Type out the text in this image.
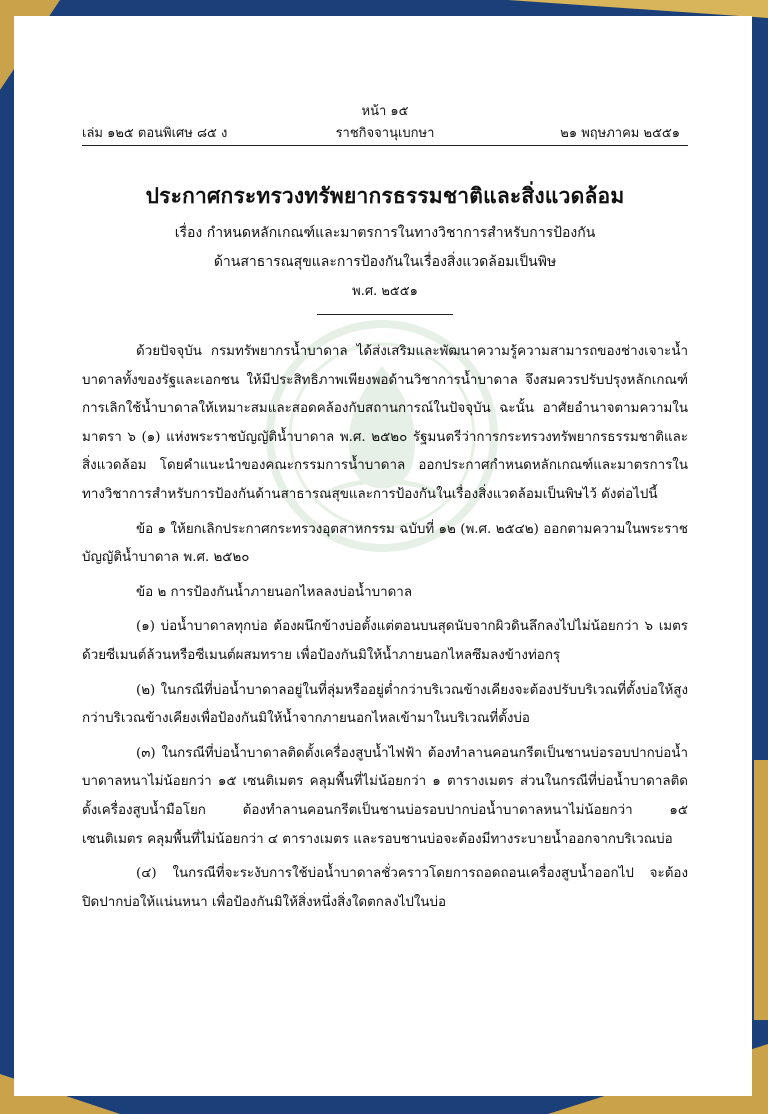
หน้า ๑๕
เล่ม ๑๒๕ ตอนพิเศษ ๘๕ ง	ราชกิจจานุเบกษา	๒๑ พฤษภาคม ๒๕๕๑
ประกาศกระทรวงทรัพยากรธรรมชาติและสิ่งแวดล้อม
เรื่อง กำหนดหลักเกณฑ์และมาตรการในทางวิชาการสำหรับการป้องกัน
ด้านสาธารณสุขและการป้องกันในเรื่องสิ่งแวดล้อมเป็นพิษ
พ.ศ. ๒๕๕๑

ด้วยปัจจุบัน กรมทรัพยากรน้ำบาดาล ได้ส่งเสริมและพัฒนาความรู้ความสามารถของช่างเจาะน้ำบาดาลทั้งของรัฐและเอกชน ให้มีประสิทธิภาพเพียงพอด้านวิชาการน้ำบาดาล จึงสมควรปรับปรุงหลักเกณฑ์การเลิกใช้น้ำบาดาลให้เหมาะสมและสอดคล้องกับสถานการณ์ในปัจจุบัน ฉะนั้น อาศัยอำนาจตามความในมาตรา ๖ (๑) แห่งพระราชบัญญัติน้ำบาดาล พ.ศ. ๒๕๒๐ รัฐมนตรีว่าการกระทรวงทรัพยากรธรรมชาติและสิ่งแวดล้อม โดยคำแนะนำของคณะกรรมการน้ำบาดาล ออกประกาศกำหนดหลักเกณฑ์และมาตรการในทางวิชาการสำหรับการป้องกันด้านสาธารณสุขและการป้องกันในเรื่องสิ่งแวดล้อมเป็นพิษไว้ ดังต่อไปนี้

ข้อ ๑ ให้ยกเลิกประกาศกระทรวงอุตสาหกรรม ฉบับที่ ๑๒ (พ.ศ. ๒๕๔๒) ออกตามความในพระราชบัญญัติน้ำบาดาล พ.ศ. ๒๕๒๐

ข้อ ๒ การป้องกันน้ำภายนอกไหลลงบ่อน้ำบาดาล

(๑) บ่อน้ำบาดาลทุกบ่อ ต้องผนึกข้างบ่อตั้งแต่ตอนบนสุดนับจากผิวดินลึกลงไปไม่น้อยกว่า ๖ เมตร ด้วยซีเมนต์ล้วนหรือซีเมนต์ผสมทราย เพื่อป้องกันมิให้น้ำภายนอกไหลซึมลงข้างท่อกรุ

(๒) ในกรณีที่บ่อน้ำบาดาลอยู่ในที่ลุ่มหรืออยู่ต่ำกว่าบริเวณข้างเคียงจะต้องปรับบริเวณที่ตั้งบ่อให้สูงกว่าบริเวณข้างเคียงเพื่อป้องกันมิให้น้ำจากภายนอกไหลเข้ามาในบริเวณที่ตั้งบ่อ

(๓) ในกรณีที่บ่อน้ำบาดาลติดตั้งเครื่องสูบน้ำไฟฟ้า ต้องทำลานคอนกรีตเป็นชานบ่อรอบปากบ่อน้ำบาดาลหนาไม่น้อยกว่า ๑๕ เซนติเมตร คลุมพื้นที่ไม่น้อยกว่า ๑ ตารางเมตร ส่วนในกรณีที่บ่อน้ำบาดาลติดตั้งเครื่องสูบน้ำมือโยก ต้องทำลานคอนกรีตเป็นชานบ่อรอบปากบ่อน้ำบาดาลหนาไม่น้อยกว่า ๑๕ เซนติเมตร คลุมพื้นที่ไม่น้อยกว่า ๔ ตารางเมตร และรอบชานบ่อจะต้องมีทางระบายน้ำออกจากบริเวณบ่อ

(๔) ในกรณีที่จะระงับการใช้บ่อน้ำบาดาลชั่วคราวโดยการถอดถอนเครื่องสูบน้ำออกไป จะต้องปิดปากบ่อให้แน่นหนา เพื่อป้องกันมิให้สิ่งหนึ่งสิ่งใดตกลงไปในบ่อ
